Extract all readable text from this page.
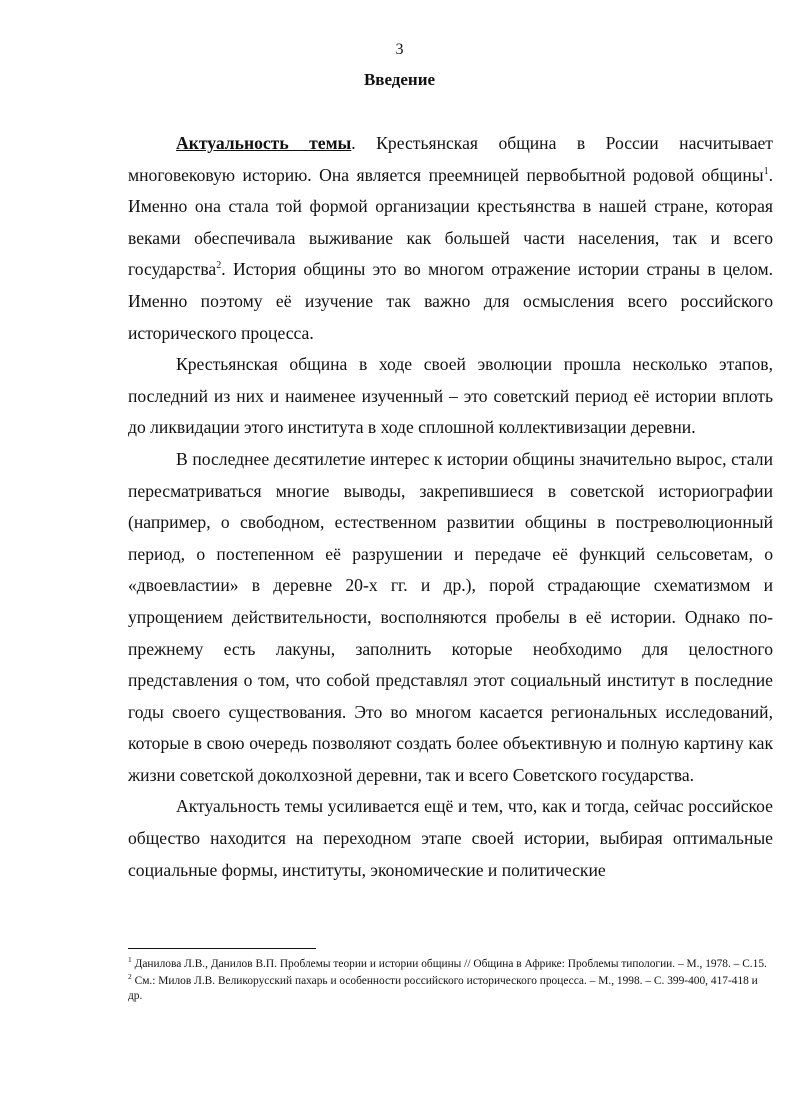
3
Введение

Актуальность темы. Крестьянская община в России насчитывает многовековую историю. Она является преемницей первобытной родовой общины$^1$. Именно она стала той формой организации крестьянства в нашей стране, которая веками обеспечивала выживание как большей части населения, так и всего государства$^2$. История общины это во многом отражение истории страны в целом. Именно поэтому её изучение так важно для осмысления всего российского исторического процесса.

Крестьянская община в ходе своей эволюции прошла несколько этапов, последний из них и наименее изученный – это советский период её истории вплоть до ликвидации этого института в ходе сплошной коллективизации деревни.

В последнее десятилетие интерес к истории общины значительно вырос, стали пересматриваться многие выводы, закрепившиеся в советской историографии (например, о свободном, естественном развитии общины в постреволюционный период, о постепенном её разрушении и передаче её функций сельсоветам, о «двоевластии» в деревне 20-х гг. и др.), порой страдающие схематизмом и упрощением действительности, восполняются пробелы в её истории. Однако по-прежнему есть лакуны, заполнить которые необходимо для целостного представления о том, что собой представлял этот социальный институт в последние годы своего существования. Это во многом касается региональных исследований, которые в свою очередь позволяют создать более объективную и полную картину как жизни советской доколхозной деревни, так и всего Советского государства.

Актуальность темы усиливается ещё и тем, что, как и тогда, сейчас российское общество находится на переходном этапе своей истории, выбирая оптимальные социальные формы, институты, экономические и политические

$^1$ Данилова Л.В., Данилов В.П. Проблемы теории и истории общины // Община в Африке: Проблемы типологии. – М., 1978. – С.15.

$^2$ См.: Милов Л.В. Великорусский пахарь и особенности российского исторического процесса. – М., 1998. – С. 399-400, 417-418 и др.
